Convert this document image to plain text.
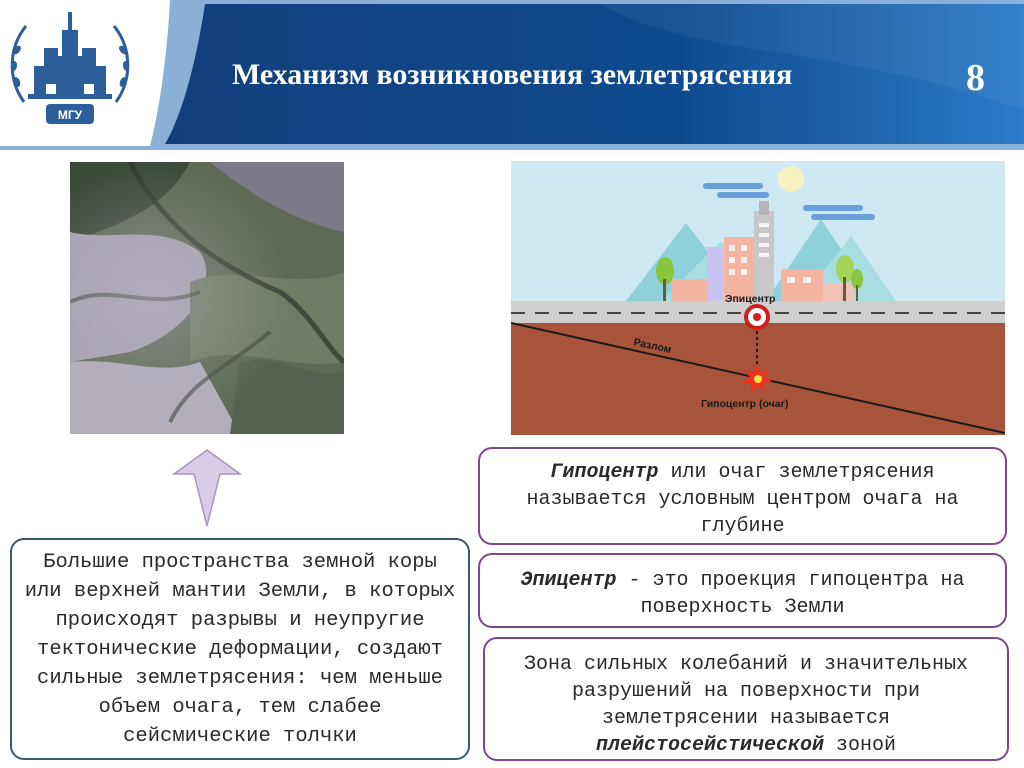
МГУ
Механизм возникновения землетрясения	8
Эпицентр
Разлом
Гипоцентр (очаг)
Большие пространства земной коры или верхней мантии Земли, в которых происходят разрывы и неупругие тектонические деформации, создают сильные землетрясения: чем меньше объем очага, тем слабее сейсмические толчки
Гипоцентр или очаг землетрясения называется условным центром очага на глубине
Эпицентр - это проекция гипоцентра на поверхность Земли
Зона сильных колебаний и значительных разрушений на поверхности при землетрясении называется плейстосейстической зоной
